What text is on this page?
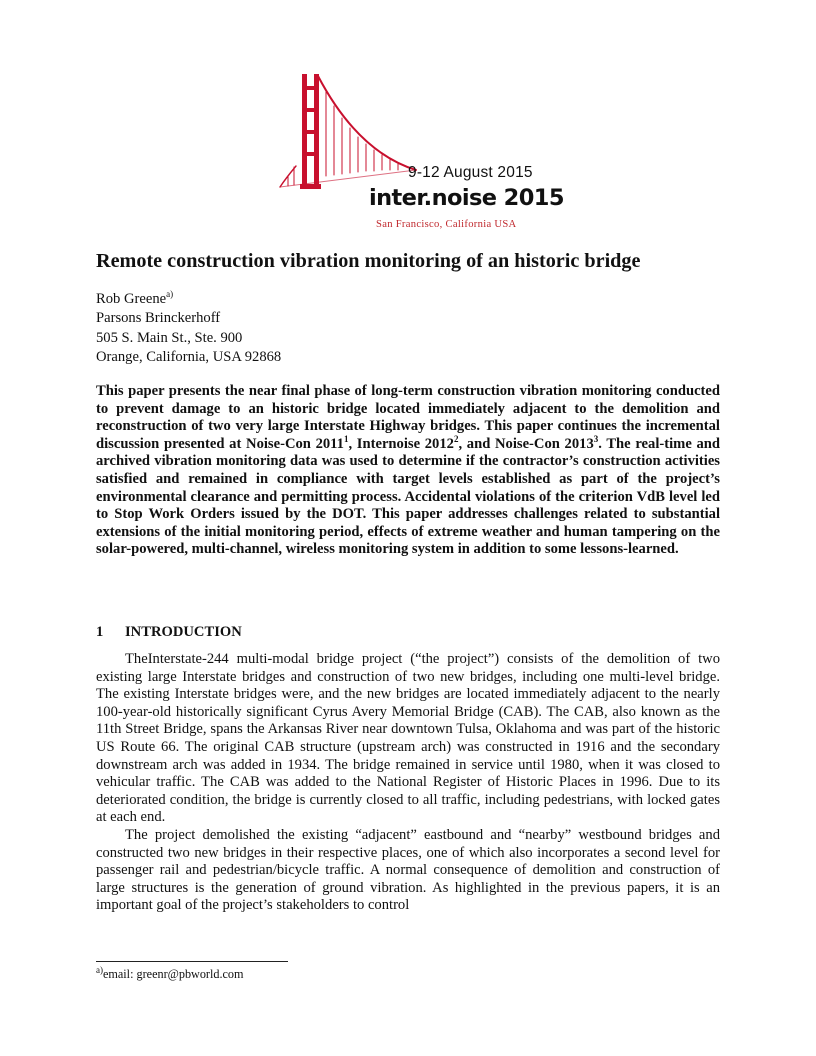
9-12 August 2015
inter.noise 2015
San Francisco, California USA
Remote construction vibration monitoring of an historic bridge
Rob Greene$^{a)}$
Parsons Brinckerhoff
505 S. Main St., Ste. 900
Orange, California, USA 92868
This paper presents the near final phase of long-term construction vibration monitoring conducted to prevent damage to an historic bridge located immediately adjacent to the demolition and reconstruction of two very large Interstate Highway bridges. This paper continues the incremental discussion presented at Noise-Con 2011$^1$, Internoise 2012$^2$, and Noise-Con 2013$^3$. The real-time and archived vibration monitoring data was used to determine if the contractor’s construction activities satisfied and remained in compliance with target levels established as part of the project’s environmental clearance and permitting process. Accidental violations of the criterion VdB level led to Stop Work Orders issued by the DOT. This paper addresses challenges related to substantial extensions of the initial monitoring period, effects of extreme weather and human tampering on the solar-powered, multi-channel, wireless monitoring system in addition to some lessons-learned.
1 INTRODUCTION

TheInterstate-244 multi-modal bridge project (“the project”) consists of the demolition of two existing large Interstate bridges and construction of two new bridges, including one multi-level bridge. The existing Interstate bridges were, and the new bridges are located immediately adjacent to the nearly 100-year-old historically significant Cyrus Avery Memorial Bridge (CAB). The CAB, also known as the 11th Street Bridge, spans the Arkansas River near downtown Tulsa, Oklahoma and was part of the historic US Route 66. The original CAB structure (upstream arch) was constructed in 1916 and the secondary downstream arch was added in 1934. The bridge remained in service until 1980, when it was closed to vehicular traffic. The CAB was added to the National Register of Historic Places in 1996. Due to its deteriorated condition, the bridge is currently closed to all traffic, including pedestrians, with locked gates at each end.

The project demolished the existing “adjacent” eastbound and “nearby” westbound bridges and constructed two new bridges in their respective places, one of which also incorporates a second level for passenger rail and pedestrian/bicycle traffic. A normal consequence of demolition and construction of large structures is the generation of ground vibration. As highlighted in the previous papers, it is an important goal of the project’s stakeholders to control

$^{a)}$email: greenr@pbworld.com
